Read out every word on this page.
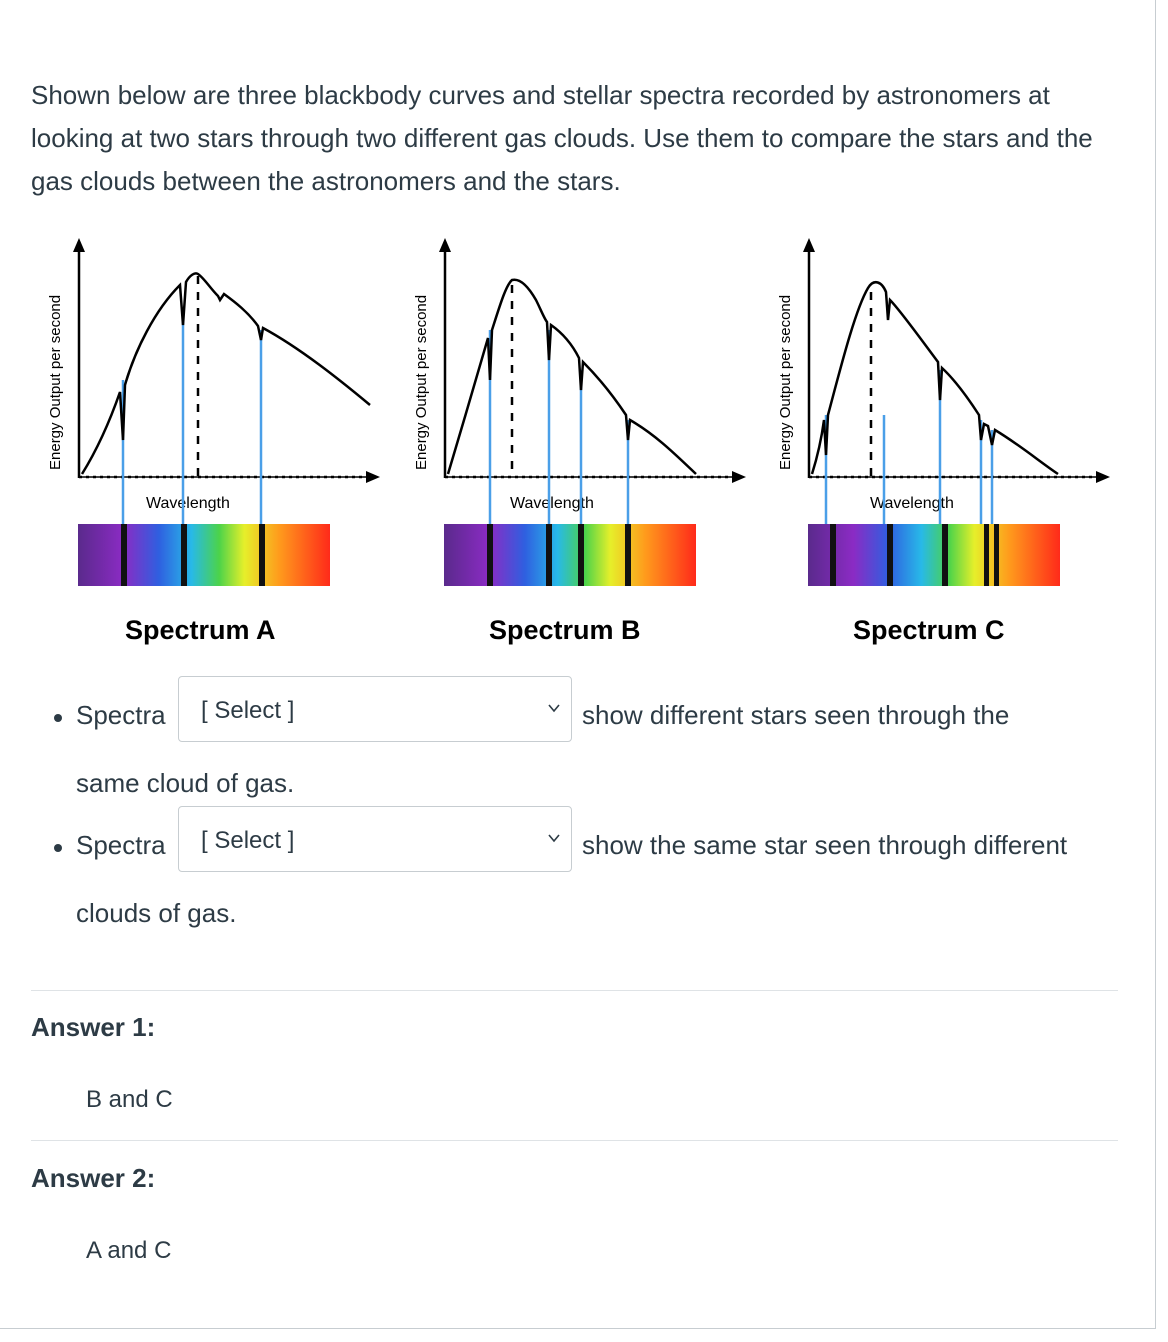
Shown below are three blackbody curves and stellar spectra recorded by astronomers at looking at two stars through two different gas clouds. Use them to compare the stars and the gas clouds between the astronomers and the stars.

Energy Output per second
Wavelength
Spectrum A
Energy Output per second
Wavelength
Spectrum B
Energy Output per second
Wavelength
Spectrum C
Spectra [ Select ]	show different stars seen through the
same cloud of gas.
Spectra [ Select ]	show the same star seen through different
clouds of gas.
Answer 1:
B and C
Answer 2:
A and C
